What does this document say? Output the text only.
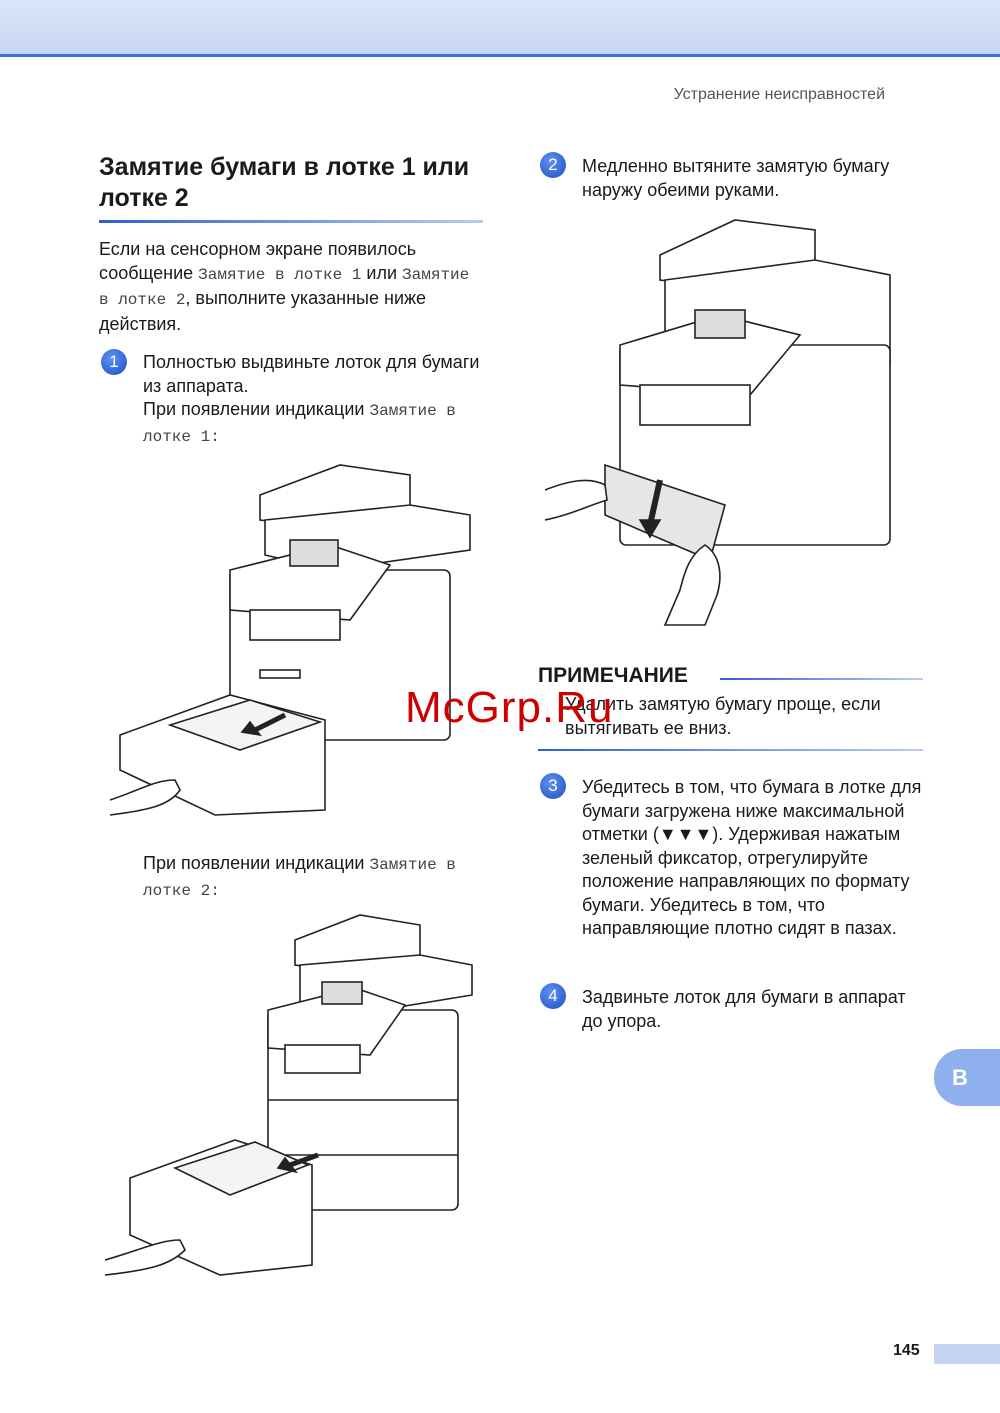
Устранение неисправностей
Замятие бумаги в лотке 1 или лотке 2

Если на сенсорном экране появилось сообщение Замятие в лотке 1 или Замятие в лотке 2, выполните указанные ниже действия.

1	Полностью выдвиньте лоток для бумаги из аппарата.

При появлении индикации Замятие в лотке 1:

При появлении индикации Замятие в лотке 2:

2	Медленно вытяните замятую бумагу наружу обеими руками.

ПРИМЕЧАНИЕ

Удалить замятую бумагу проще, если вытягивать ее вниз.

McGrp.Ru
3	Убедитесь в том, что бумага в лотке для бумаги загружена ниже максимальной отметки (▼▼▼). Удерживая нажатым зеленый фиксатор, отрегулируйте положение направляющих по формату бумаги. Убедитесь в том, что направляющие плотно сидят в пазах.

4	Задвиньте лоток для бумаги в аппарат до упора.

B
145
